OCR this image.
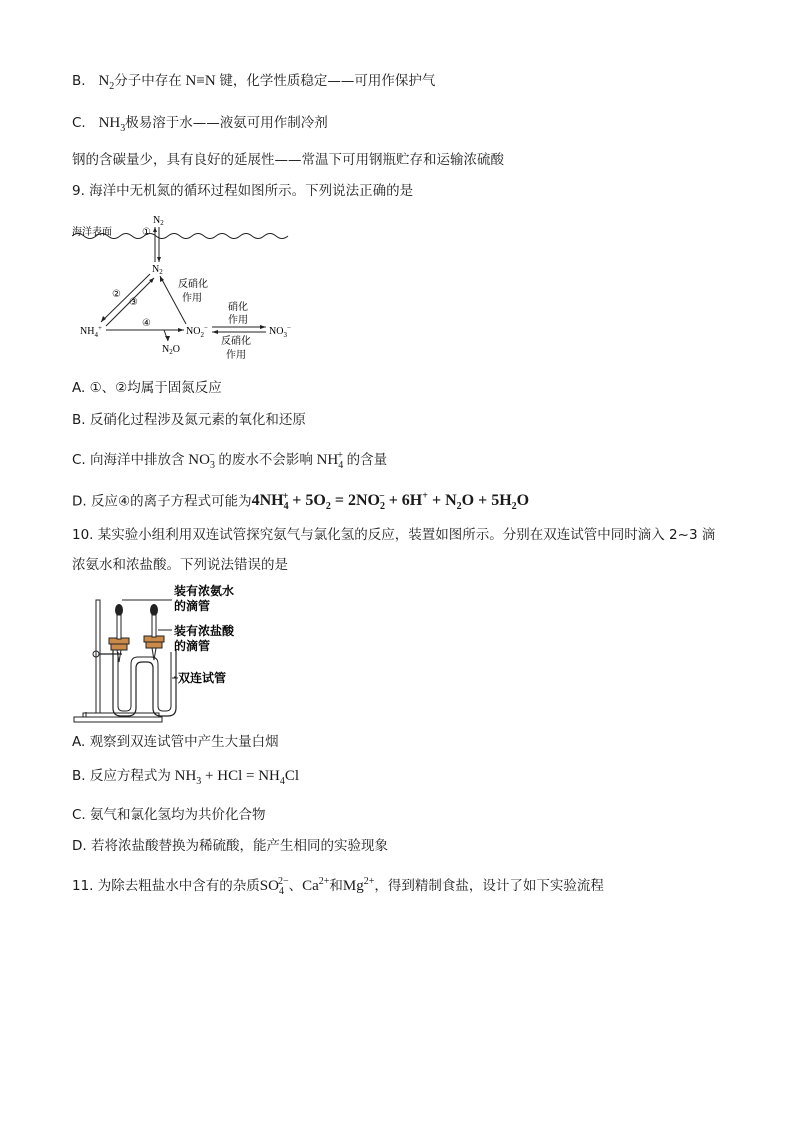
B. $N_2$分子中存在 N≡N 键，化学性质稳定——可用作保护气
C. $NH_3$极易溶于水——液氨可用作制冷剂
钢的含碳量少，具有良好的延展性——常温下可用钢瓶贮存和运输浓硫酸
9. 海洋中无机氮的循环过程如图所示。下列说法正确的是
海洋表面
$N_2$
①
$N_2$
②
③
反硝化
作用
$NH_4^+$	④
$N_2O$
$NO_2^-$
硝化
作用
反硝化
作用
$NO_3^-$
A. ①、②均属于固氮反应
B. 反硝化过程涉及氮元素的氧化和还原
C. 向海洋中排放含 $NO_3^-$ 的废水不会影响 $NH_4^+$ 的含量
D. 反应④的离子方程式可能为$4NH_4^+ + 5O_2 = 2NO_2^- + 6H^+ + N_2O + 5H_2O$
10. 某实验小组利用双连试管探究氨气与氯化氢的反应，装置如图所示。分别在双连试管中同时滴入 2~3 滴
浓氨水和浓盐酸。下列说法错误的是
装有浓氨水
的滴管
装有浓盐酸
的滴管
双连试管
A. 观察到双连试管中产生大量白烟
B. 反应方程式为 $NH_3$ + HCl = $NH_4Cl$
C. 氨气和氯化氢均为共价化合物
D. 若将浓盐酸替换为稀硫酸，能产生相同的实验现象
11. 为除去粗盐水中含有的杂质$SO_4^{2-}$、$Ca^{2+}$和$Mg^{2+}$，得到精制食盐，设计了如下实验流程
